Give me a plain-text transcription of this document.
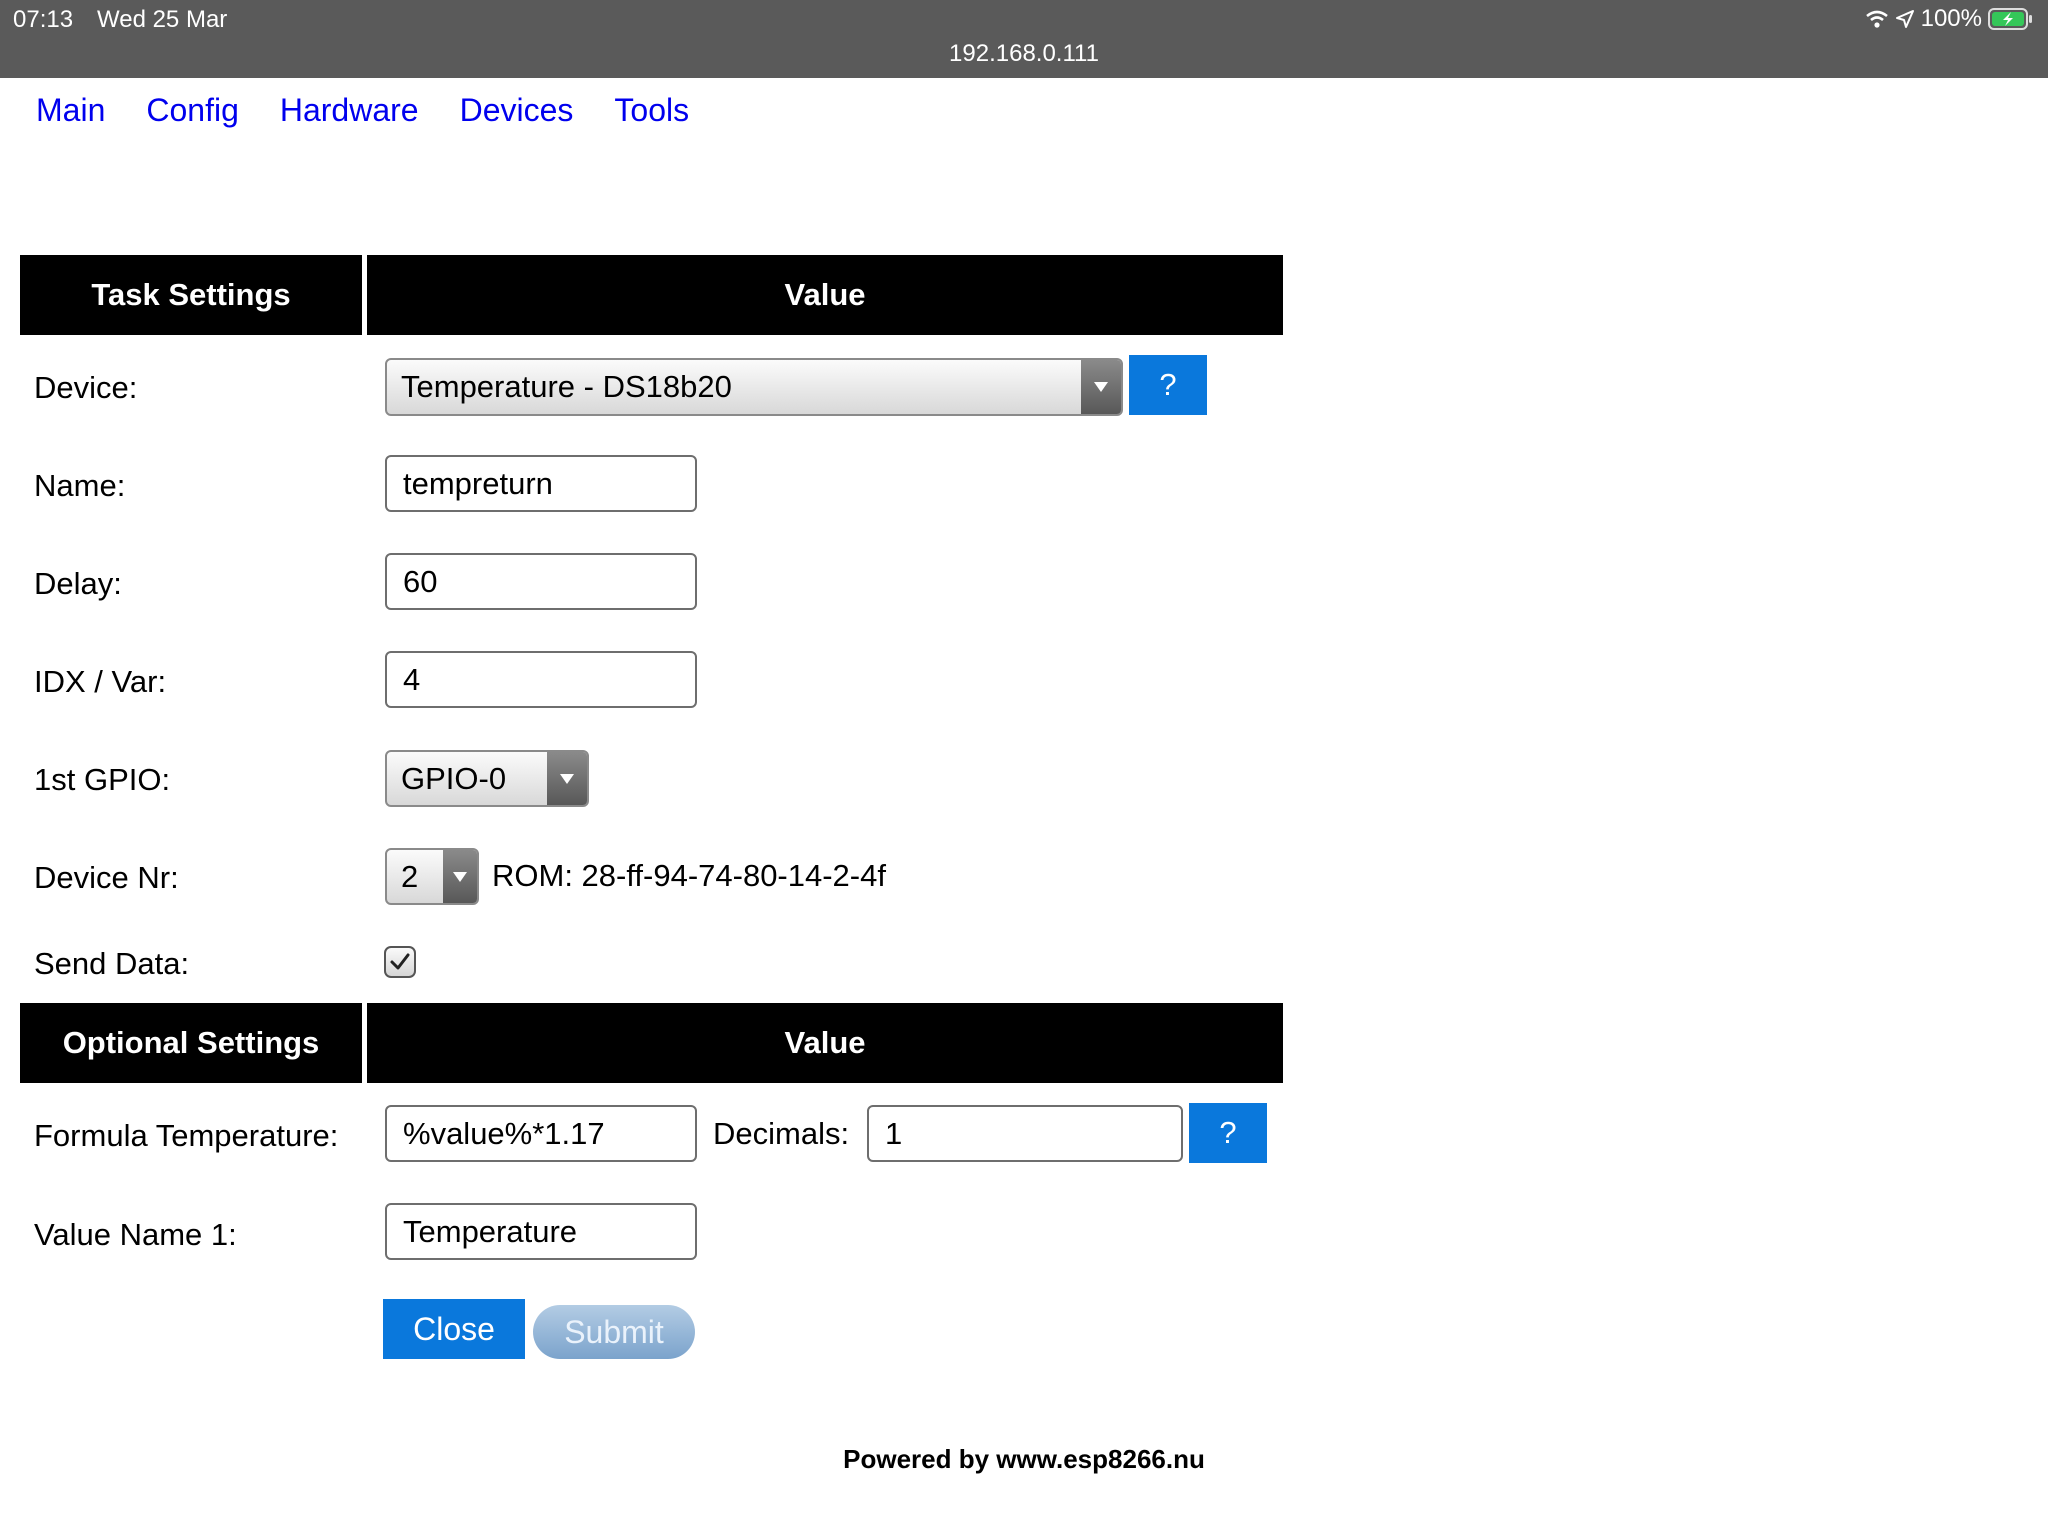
07:13 Wed 25 Mar
192.168.0.111
100%
Main Config Hardware Devices Tools
Task Settings	Value
Device:	Temperature - DS18b20	?
Name:
tempreturn
Delay:
60
IDX / Var:
4
1st GPIO:	GPIO-0
Device Nr:	2	ROM: 28-ff-94-74-80-14-2-4f
Send Data:
Optional Settings	Value
Formula Temperature:
%value%*1.17	Decimals:
1	?
Value Name 1:
Temperature
Close	Submit
Powered by www.esp8266.nu
